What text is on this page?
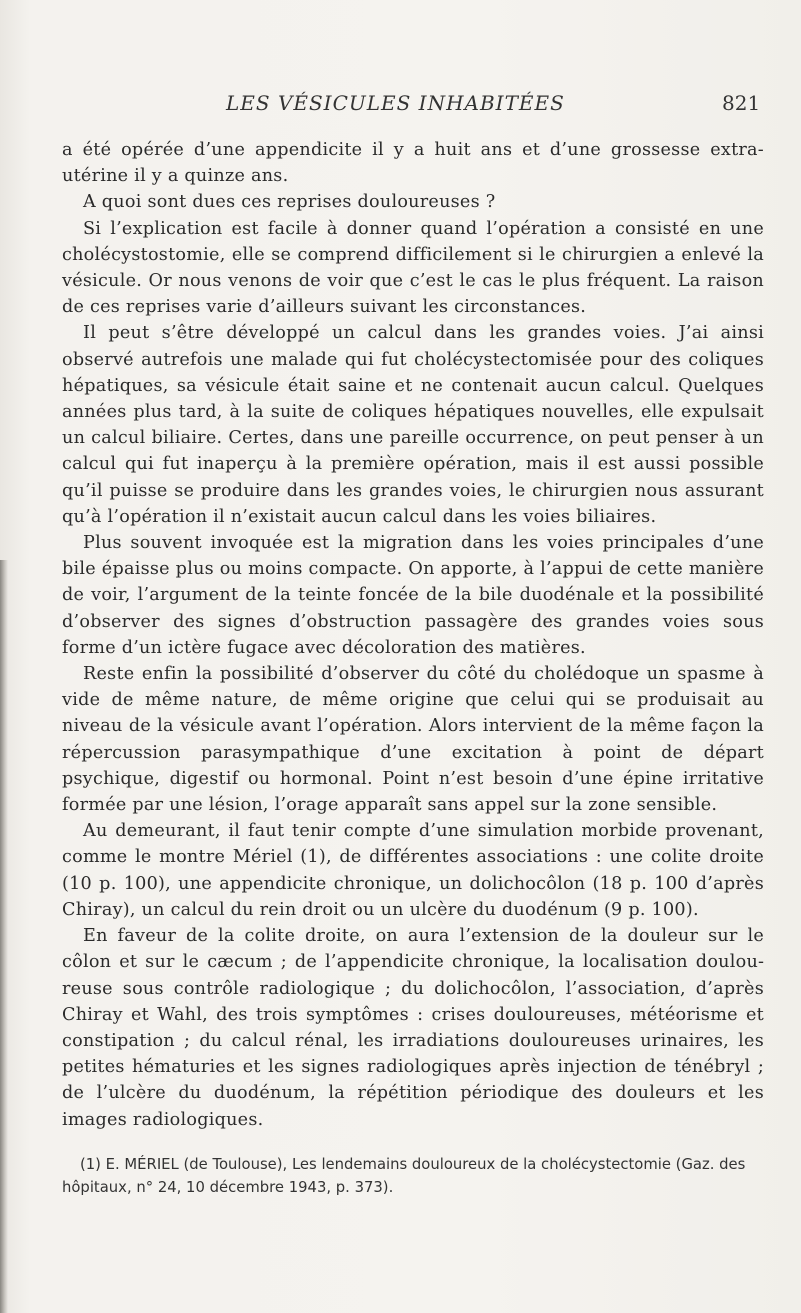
LES VÉSICULES INHABITÉES	821

a été opérée d’une appendicite il y a huit ans et d’une grossesse extra-utérine il y a quinze ans.

A quoi sont dues ces reprises douloureuses ?

Si l’explication est facile à donner quand l’opération a consisté en une cholécystostomie, elle se comprend difficilement si le chirurgien a enlevé la vésicule. Or nous venons de voir que c’est le cas le plus fréquent. La raison de ces reprises varie d’ailleurs suivant les circonstances.

Il peut s’être développé un calcul dans les grandes voies. J’ai ainsi observé autrefois une malade qui fut cholécystectomisée pour des coliques hépatiques, sa vésicule était saine et ne contenait aucun calcul. Quelques années plus tard, à la suite de coliques hépatiques nouvelles, elle expulsait un calcul biliaire. Certes, dans une pareille occurrence, on peut penser à un calcul qui fut inaperçu à la première opération, mais il est aussi possible qu’il puisse se produire dans les grandes voies, le chirurgien nous assurant qu’à l’opération il n’existait aucun calcul dans les voies biliaires.

Plus souvent invoquée est la migration dans les voies principales d’une bile épaisse plus ou moins compacte. On apporte, à l’appui de cette manière de voir, l’argument de la teinte foncée de la bile duodénale et la possibilité d’observer des signes d’obstruction passagère des grandes voies sous forme d’un ictère fugace avec décoloration des matières.

Reste enfin la possibilité d’observer du côté du cholédoque un spasme à vide de même nature, de même origine que celui qui se produisait au niveau de la vésicule avant l’opération. Alors intervient de la même façon la répercussion parasympathique d’une excitation à point de départ psychique, digestif ou hormonal. Point n’est besoin d’une épine irritative formée par une lésion, l’orage apparaît sans appel sur la zone sensible.

Au demeurant, il faut tenir compte d’une simulation morbide provenant, comme le montre Mériel (1), de différentes associations : une colite droite (10 p. 100), une appendicite chronique, un dolichocôlon (18 p. 100 d’après Chiray), un calcul du rein droit ou un ulcère du duodénum (9 p. 100).

En faveur de la colite droite, on aura l’extension de la douleur sur le côlon et sur le cæcum ; de l’appendicite chronique, la localisation douloureuse sous contrôle radiologique ; du dolichocôlon, l’association, d’après Chiray et Wahl, des trois symptômes : crises douloureuses, météorisme et constipation ; du calcul rénal, les irradiations douloureuses urinaires, les petites hématuries et les signes radiologiques après injection de ténébryl ; de l’ulcère du duodénum, la répétition périodique des douleurs et les images radiologiques.

(1) E. MÉRIEL (de Toulouse), Les lendemains douloureux de la cholécystectomie (Gaz. des hôpitaux, n° 24, 10 décembre 1943, p. 373).
